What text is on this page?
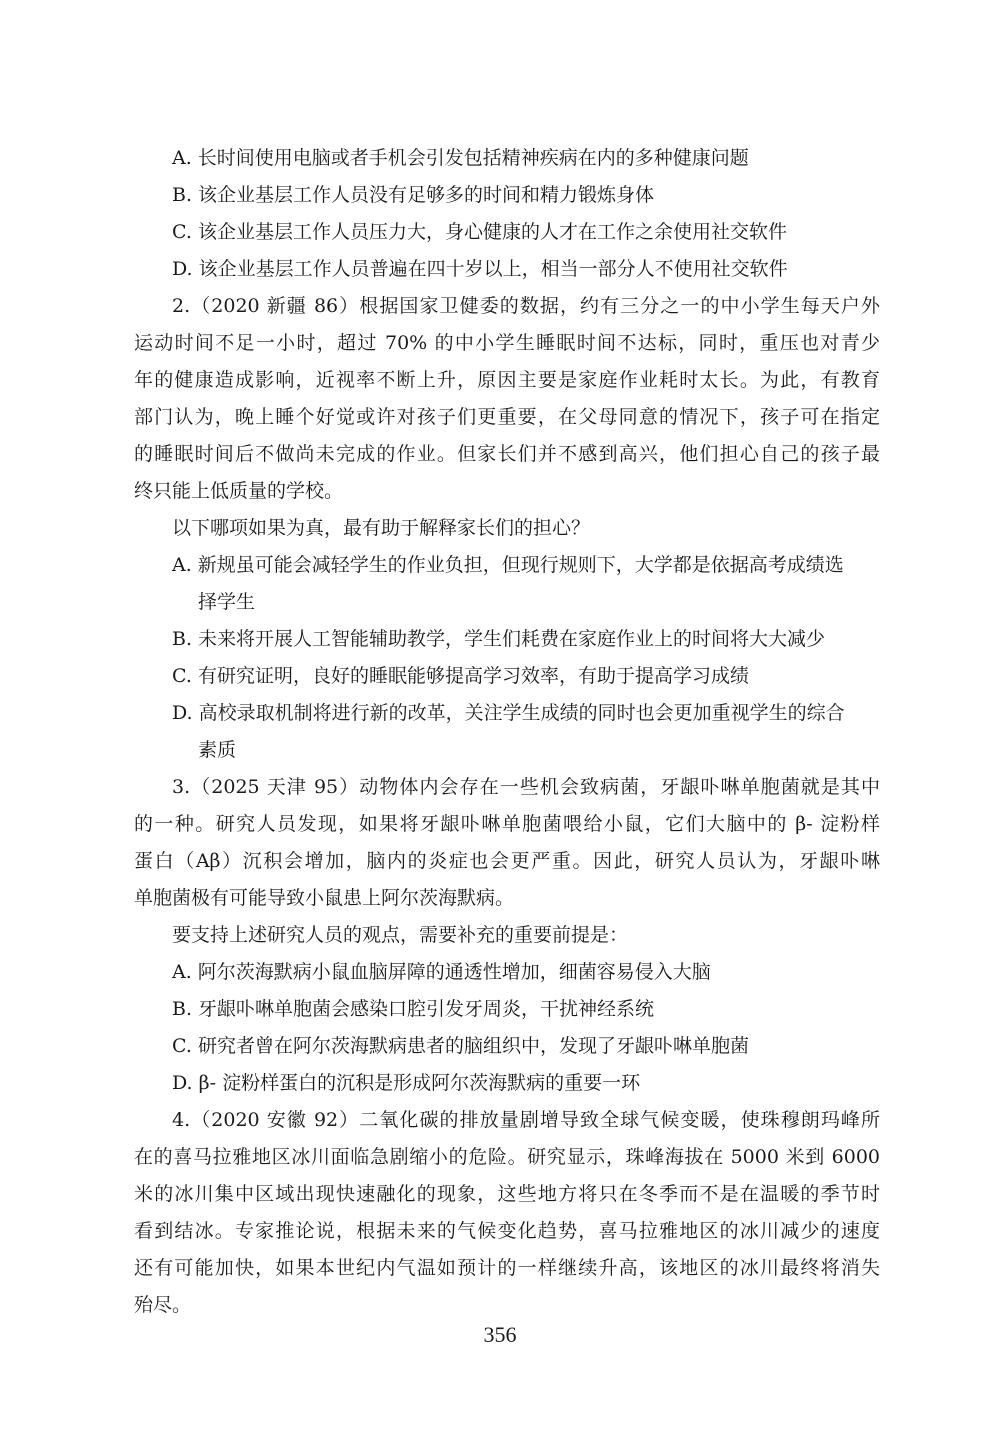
A. 长时间使用电脑或者手机会引发包括精神疾病在内的多种健康问题
B. 该企业基层工作人员没有足够多的时间和精力锻炼身体
C. 该企业基层工作人员压力大，身心健康的人才在工作之余使用社交软件
D. 该企业基层工作人员普遍在四十岁以上，相当一部分人不使用社交软件
2.（2020 新疆 86）根据国家卫健委的数据，约有三分之一的中小学生每天户外
运动时间不足一小时，超过 70% 的中小学生睡眠时间不达标，同时，重压也对青少
年的健康造成影响，近视率不断上升，原因主要是家庭作业耗时太长。为此，有教育
部门认为，晚上睡个好觉或许对孩子们更重要，在父母同意的情况下，孩子可在指定
的睡眠时间后不做尚未完成的作业。但家长们并不感到高兴，他们担心自己的孩子最
终只能上低质量的学校。
以下哪项如果为真，最有助于解释家长们的担心？
A. 新规虽可能会减轻学生的作业负担，但现行规则下，大学都是依据高考成绩选
择学生
B. 未来将开展人工智能辅助教学，学生们耗费在家庭作业上的时间将大大减少
C. 有研究证明，良好的睡眠能够提高学习效率，有助于提高学习成绩
D. 高校录取机制将进行新的改革，关注学生成绩的同时也会更加重视学生的综合
素质
3.（2025 天津 95）动物体内会存在一些机会致病菌，牙龈卟啉单胞菌就是其中
的一种。研究人员发现，如果将牙龈卟啉单胞菌喂给小鼠，它们大脑中的 β- 淀粉样
蛋白（Aβ）沉积会增加，脑内的炎症也会更严重。因此，研究人员认为，牙龈卟啉
单胞菌极有可能导致小鼠患上阿尔茨海默病。
要支持上述研究人员的观点，需要补充的重要前提是：
A. 阿尔茨海默病小鼠血脑屏障的通透性增加，细菌容易侵入大脑
B. 牙龈卟啉单胞菌会感染口腔引发牙周炎，干扰神经系统
C. 研究者曾在阿尔茨海默病患者的脑组织中，发现了牙龈卟啉单胞菌
D. β- 淀粉样蛋白的沉积是形成阿尔茨海默病的重要一环
4.（2020 安徽 92）二氧化碳的排放量剧增导致全球气候变暖，使珠穆朗玛峰所
在的喜马拉雅地区冰川面临急剧缩小的危险。研究显示，珠峰海拔在 5000 米到 6000
米的冰川集中区域出现快速融化的现象，这些地方将只在冬季而不是在温暖的季节时
看到结冰。专家推论说，根据未来的气候变化趋势，喜马拉雅地区的冰川减少的速度
还有可能加快，如果本世纪内气温如预计的一样继续升高，该地区的冰川最终将消失
殆尽。
356
